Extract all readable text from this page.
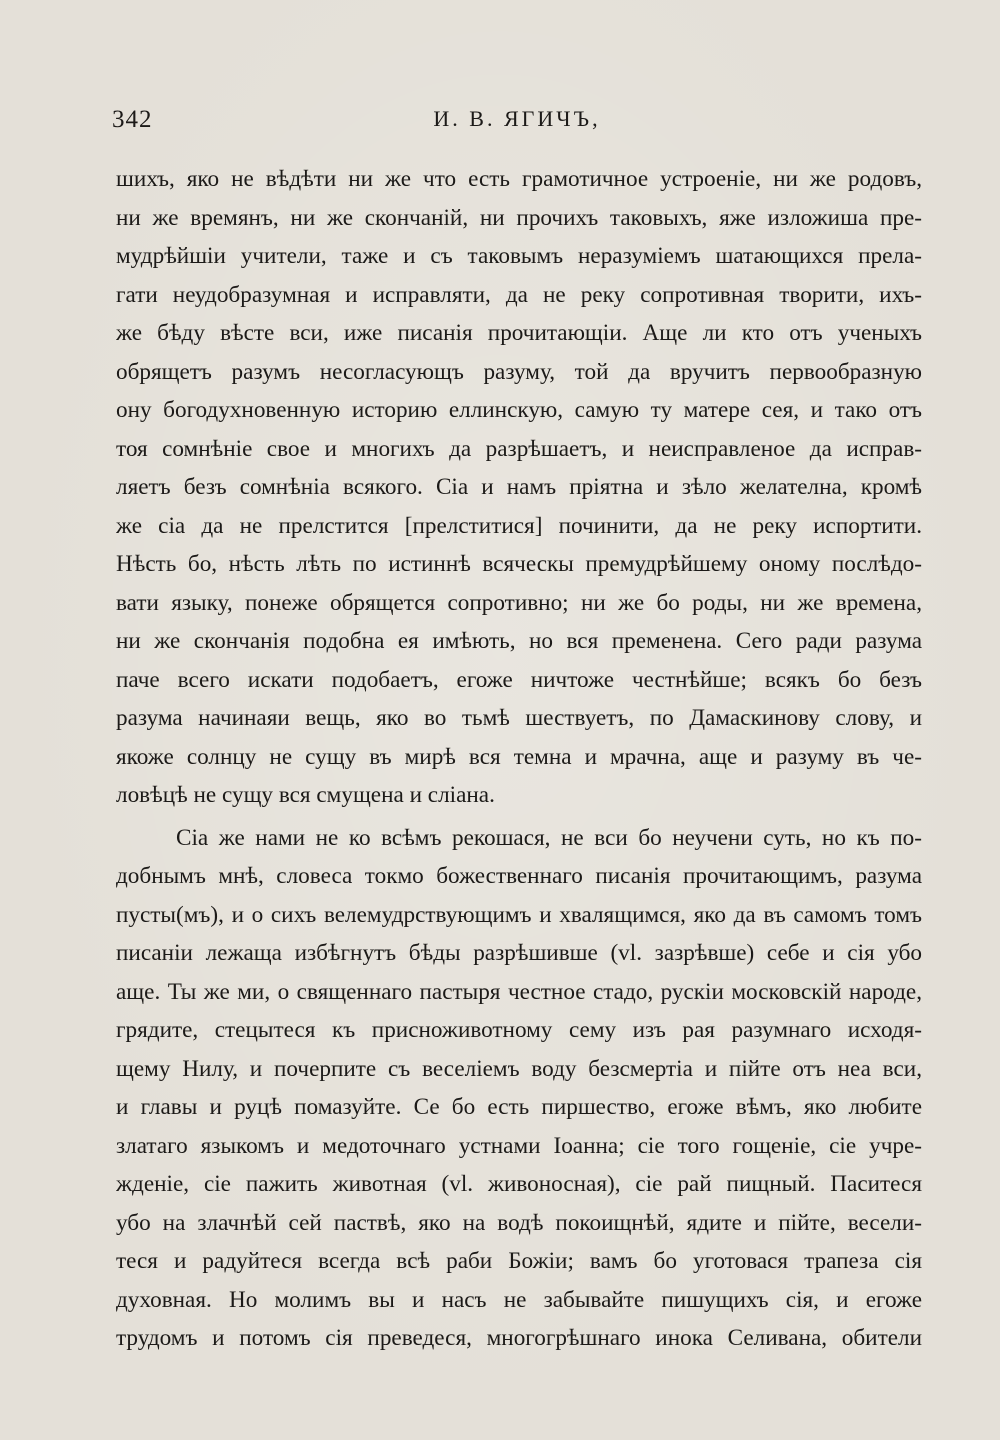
342	И. В. ЯГИЧЪ,
шихъ, яко не вѣдѣти ни же что есть грамотичное устроеніе, ни же родовъ,
ни же времянъ, ни же скончаній, ни прочихъ таковыхъ, яже изложиша пре-
мудрѣйшіи учители, таже и съ таковымъ неразуміемъ шатающихся прела-
гати неудобразумная и исправляти, да не реку сопротивная творити, ихъ-
же бѣду вѣсте вси, иже писанія прочитающіи. Аще ли кто отъ ученыхъ
обрящетъ разумъ несогласующъ разуму, той да вручитъ первообразную
ону богодухновенную историю еллинскую, самую ту матере сея, и тако отъ
тоя сомнѣніе свое и многихъ да разрѣшаетъ, и неисправленое да исправ-
ляетъ безъ сомнѣніа всякого. Сіа и намъ пріятна и зѣло желателна, кромѣ
же сіа да не прелстится [прелститися] починити, да не реку испортити.
Нѣсть бо, нѣсть лѣть по истиннѣ всяческы премудрѣйшему оному послѣдо-
вати языку, понеже обрящется сопротивно; ни же бо роды, ни же времена,
ни же скончанія подобна ея имѣють, но вся пременена. Сего ради разума
паче всего искати подобаетъ, егоже ничтоже честнѣйше; всякъ бо безъ
разума начинаяи вещь, яко во тьмѣ шествуетъ, по Дамаскинову слову, и
якоже солнцу не сущу въ мирѣ вся темна и мрачна, аще и разуму въ че-
ловѣцѣ не сущу вся смущена и сліана.
Сіа же нами не ко всѣмъ рекошася, не вси бо неучени суть, но къ по-
добнымъ мнѣ, словеса токмо божественнаго писанія прочитающимъ, разума
пусты(мъ), и о сихъ велемудрствующимъ и хвалящимся, яко да въ самомъ томъ
писаніи лежаща избѣгнутъ бѣды разрѣшивше (vl. зазрѣвше) себе и сія убо
аще. Ты же ми, о священнаго пастыря честное стадо, рускіи московскій народе,
грядите, стецытеся къ присноживотному сему изъ рая разумнаго исходя-
щему Нилу, и почерпите съ веселіемъ воду безсмертіа и пійте отъ неа вси,
и главы и руцѣ помазуйте. Се бо есть пиршество, егоже вѣмъ, яко любите
златаго языкомъ и медоточнаго устнами Іоанна; сіе того гощеніе, сіе учре-
жденіе, сіе пажить животная (vl. живоносная), сіе рай пищный. Паситеся
убо на злачнѣй сей паствѣ, яко на водѣ покоищнѣй, ядите и пійте, весели-
теся и радуйтеся всегда вcѣ раби Божіи; вамъ бо уготовася трапеза сія
духовная. Но молимъ вы и насъ не забывайте пишущихъ сія, и егоже
трудомъ и потомъ сія преведеся, многогрѣшнаго инока Селивана, обители
